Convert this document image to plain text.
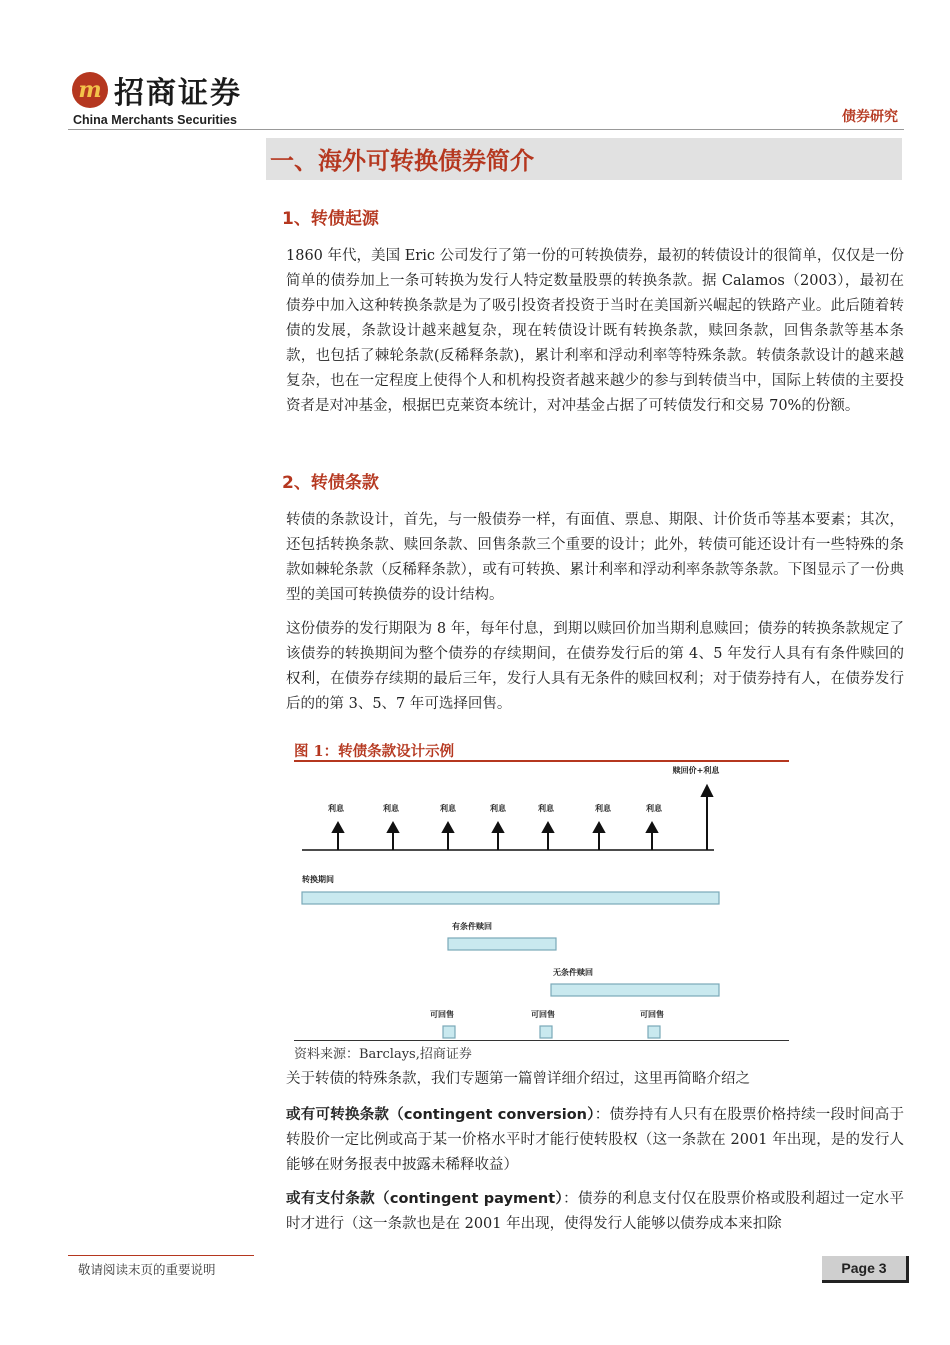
m 招商证券
China Merchants Securities	债券研究
一、海外可转换债券简介
1、转债起源

1860 年代，美国 Eric 公司发行了第一份的可转换债券，最初的转债设计的很简单，仅仅是一份简单的债券加上一条可转换为发行人特定数量股票的转换条款。据 Calamos（2003），最初在债券中加入这种转换条款是为了吸引投资者投资于当时在美国新兴崛起的铁路产业。此后随着转债的发展，条款设计越来越复杂，现在转债设计既有转换条款，赎回条款，回售条款等基本条款，也包括了棘轮条款(反稀释条款)，累计利率和浮动利率等特殊条款。转债条款设计的越来越复杂，也在一定程度上使得个人和机构投资者越来越少的参与到转债当中，国际上转债的主要投资者是对冲基金，根据巴克莱资本统计，对冲基金占据了可转债发行和交易 70%的份额。

2、转债条款

转债的条款设计，首先，与一般债券一样，有面值、票息、期限、计价货币等基本要素；其次，还包括转换条款、赎回条款、回售条款三个重要的设计；此外，转债可能还设计有一些特殊的条款如棘轮条款（反稀释条款），或有可转换、累计利率和浮动利率条款等条款。下图显示了一份典型的美国可转换债券的设计结构。

这份债券的发行期限为 8 年，每年付息，到期以赎回价加当期利息赎回；债券的转换条款规定了该债券的转换期间为整个债券的存续期间，在债券发行后的第 4、5 年发行人具有有条件赎回的权利，在债券存续期的最后三年，发行人具有无条件的赎回权利；对于债券持有人，在债券发行后的的第 3、5、7 年可选择回售。

图 1：转债条款设计示例
利息	利息	利息	利息	利息	利息	利息
赎回价+利息
转换期间
有条件赎回
无条件赎回
可回售	可回售	可回售
资料来源：Barclays,招商证券

关于转债的特殊条款，我们专题第一篇曾详细介绍过，这里再简略介绍之

或有可转换条款（contingent conversion）：债券持有人只有在股票价格持续一段时间高于转股价一定比例或高于某一价格水平时才能行使转股权（这一条款在 2001 年出现，是的发行人能够在财务报表中披露未稀释收益）

或有支付条款（contingent payment）：债券的利息支付仅在股票价格或股利超过一定水平时才进行（这一条款也是在 2001 年出现，使得发行人能够以债券成本来扣除

敬请阅读末页的重要说明	Page 3
